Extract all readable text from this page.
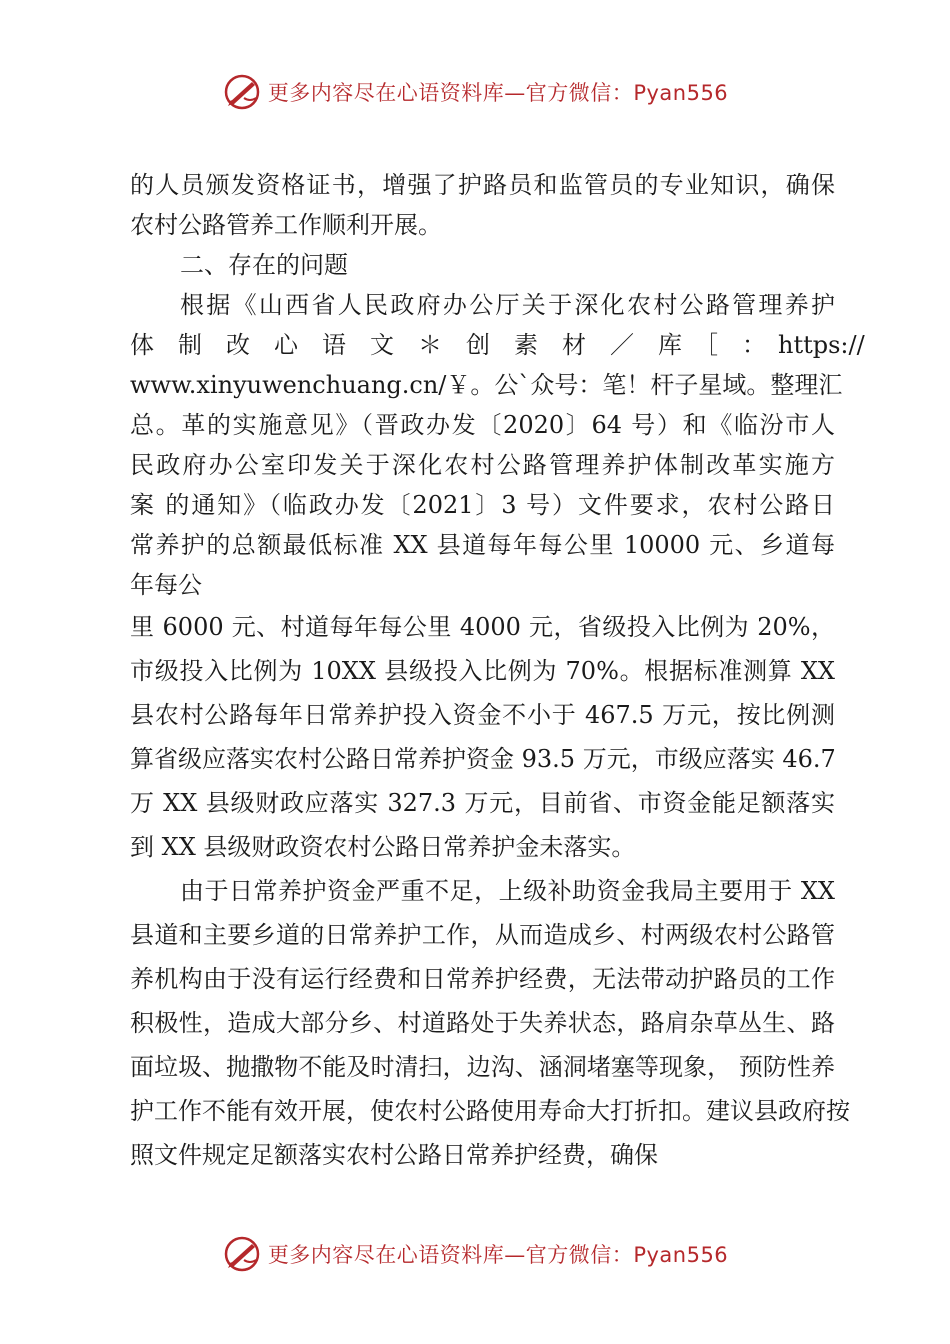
更多内容尽在心语资料库—官方微信：Pyan556

的人员颁发资格证书，增强了护路员和监管员的专业知识，确保

农村公路管养工作顺利开展。

二、存在的问题

根据《山西省人民政府办公厅关于深化农村公路管理养护

体　制　改　心　语　文　＊　创　素　材　／　库　［　：　https://

www.xinyuwenchuang.cn/￥。公`众号：笔！杆子星域。整理汇

总。革的实施意见》（晋政办发〔2020〕64 号）和《临汾市人

民政府办公室印发关于深化农村公路管理养护体制改革实施方

案 的通知》（临政办发〔2021〕3 号）文件要求，农村公路日

常养护的总额最低标准 XX 县道每年每公里 10000 元、乡道每

年每公

里 6000 元、村道每年每公里 4000 元，省级投入比例为 20%，

市级投入比例为 10XX 县级投入比例为 70%。根据标准测算 XX

县农村公路每年日常养护投入资金不小于 467.5 万元，按比例测

算省级应落实农村公路日常养护资金 93.5 万元，市级应落实 46.7

万 XX 县级财政应落实 327.3 万元，目前省、市资金能足额落实

到 XX 县级财政资农村公路日常养护金未落实。

由于日常养护资金严重不足，上级补助资金我局主要用于 XX

县道和主要乡道的日常养护工作，从而造成乡、村两级农村公路管

养机构由于没有运行经费和日常养护经费，无法带动护路员的工作

积极性，造成大部分乡、村道路处于失养状态，路肩杂草丛生、路

面垃圾、抛撒物不能及时清扫，边沟、涵洞堵塞等现象， 预防性养

护工作不能有效开展，使农村公路使用寿命大打折扣。建议县政府按

照文件规定足额落实农村公路日常养护经费，确保

更多内容尽在心语资料库—官方微信：Pyan556
